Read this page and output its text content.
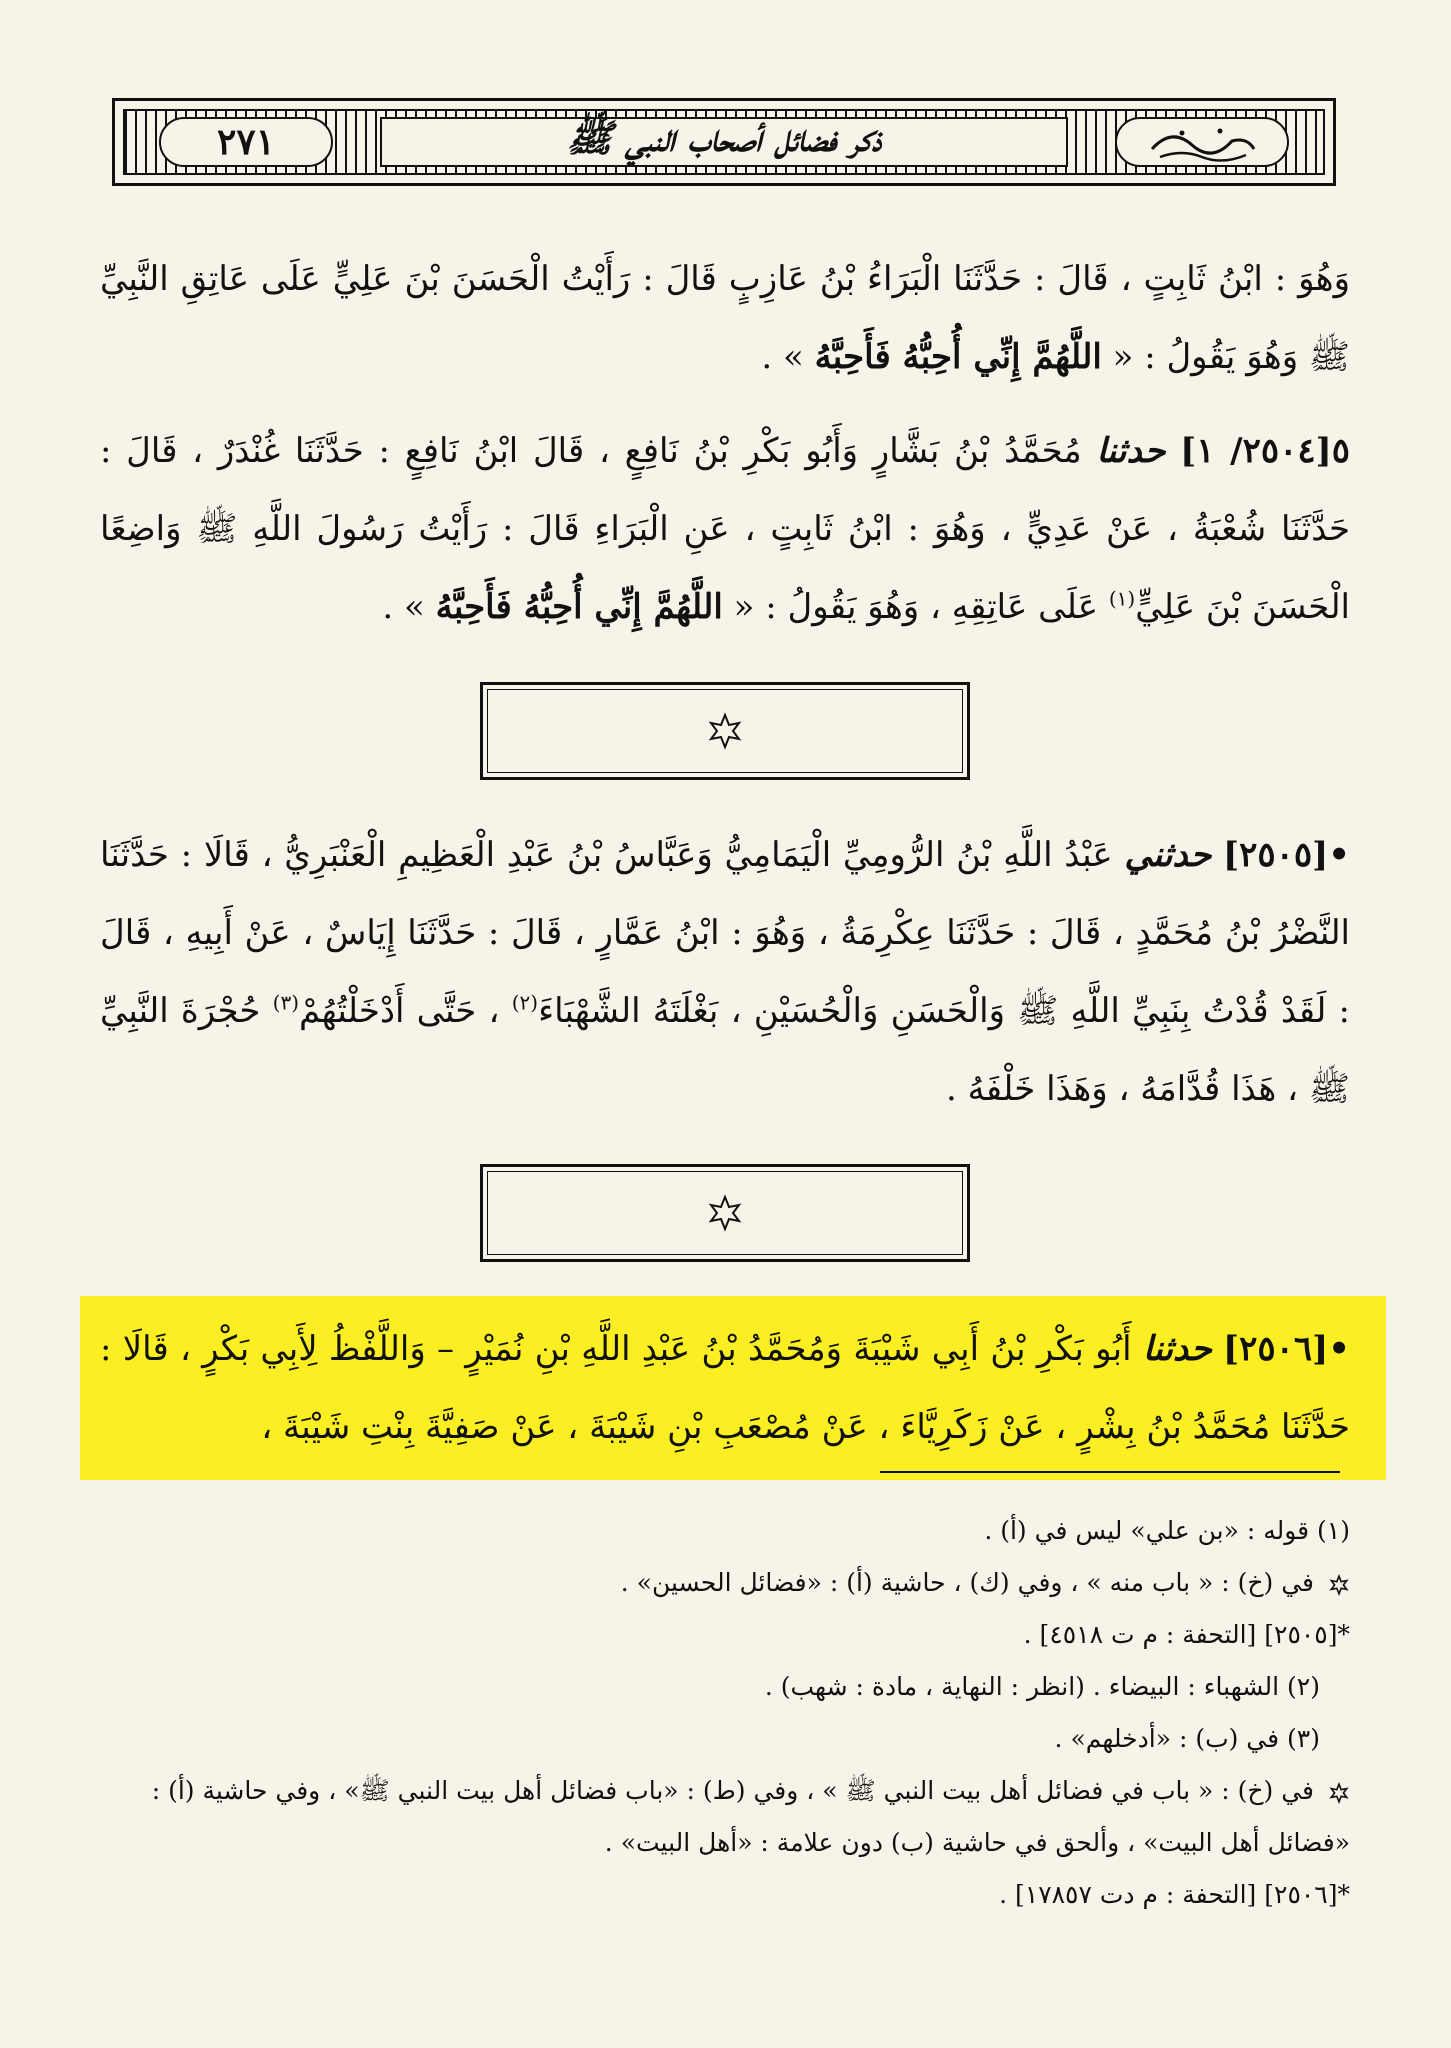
٢٧١	ذكر فضائل أصحاب النبي ﷺ

وَهُوَ : ابْنُ ثَابِتٍ ، قَالَ : حَدَّثَنَا الْبَرَاءُ بْنُ عَازِبٍ قَالَ : رَأَيْتُ الْحَسَنَ بْنَ عَلِيٍّ عَلَى عَاتِقِ النَّبِيِّ ﷺ وَهُوَ يَقُولُ : « اللَّهُمَّ إِنِّي أُحِبُّهُ فَأَحِبَّهُ » .

٥[٢٥٠٤/ ١] حدثنا مُحَمَّدُ بْنُ بَشَّارٍ وَأَبُو بَكْرِ بْنُ نَافِعٍ ، قَالَ ابْنُ نَافِعٍ : حَدَّثَنَا غُنْدَرٌ ، قَالَ : حَدَّثَنَا شُعْبَةُ ، عَنْ عَدِيٍّ ، وَهُوَ : ابْنُ ثَابِتٍ ، عَنِ الْبَرَاءِ قَالَ : رَأَيْتُ رَسُولَ اللَّهِ ﷺ وَاضِعًا الْحَسَنَ بْنَ عَلِيٍّ$^{(١)}$ عَلَى عَاتِقِهِ ، وَهُوَ يَقُولُ : « اللَّهُمَّ إِنِّي أُحِبُّهُ فَأَحِبَّهُ » .

•[٢٥٠٥] حدثني عَبْدُ اللَّهِ بْنُ الرُّومِيِّ الْيَمَامِيُّ وَعَبَّاسُ بْنُ عَبْدِ الْعَظِيمِ الْعَنْبَرِيُّ ، قَالَا : حَدَّثَنَا النَّضْرُ بْنُ مُحَمَّدٍ ، قَالَ : حَدَّثَنَا عِكْرِمَةُ ، وَهُوَ : ابْنُ عَمَّارٍ ، قَالَ : حَدَّثَنَا إِيَاسٌ ، عَنْ أَبِيهِ ، قَالَ : لَقَدْ قُدْتُ بِنَبِيِّ اللَّهِ ﷺ وَالْحَسَنِ وَالْحُسَيْنِ ، بَغْلَتَهُ الشَّهْبَاءَ$^{(٢)}$ ، حَتَّى أَدْخَلْتُهُمْ$^{(٣)}$ حُجْرَةَ النَّبِيِّ ﷺ ، هَذَا قُدَّامَهُ ، وَهَذَا خَلْفَهُ .

•[٢٥٠٦] حدثنا أَبُو بَكْرِ بْنُ أَبِي شَيْبَةَ وَمُحَمَّدُ بْنُ عَبْدِ اللَّهِ بْنِ نُمَيْرٍ – وَاللَّفْظُ لِأَبِي بَكْرٍ ، قَالَا : حَدَّثَنَا مُحَمَّدُ بْنُ بِشْرٍ ، عَنْ زَكَرِيَّاءَ ، عَنْ مُصْعَبِ بْنِ شَيْبَةَ ، عَنْ صَفِيَّةَ بِنْتِ شَيْبَةَ ،

(١) قوله : «بن علي» ليس في (أ) .

في (خ) : « باب منه » ، وفي (ك) ، حاشية (أ) : «فضائل الحسين» .

*[٢٥٠٥] [التحفة : م ت ٤٥١٨] .

(٢) الشهباء : البيضاء . (انظر : النهاية ، مادة : شهب) .

(٣) في (ب) : «أدخلهم» .

في (خ) : « باب في فضائل أهل بيت النبي ﷺ » ، وفي (ط) : «باب فضائل أهل بيت النبي ﷺ» ، وفي حاشية (أ) : «فضائل أهل البيت» ، وألحق في حاشية (ب) دون علامة : «أهل البيت» .

*[٢٥٠٦] [التحفة : م دت ١٧٨٥٧] .
